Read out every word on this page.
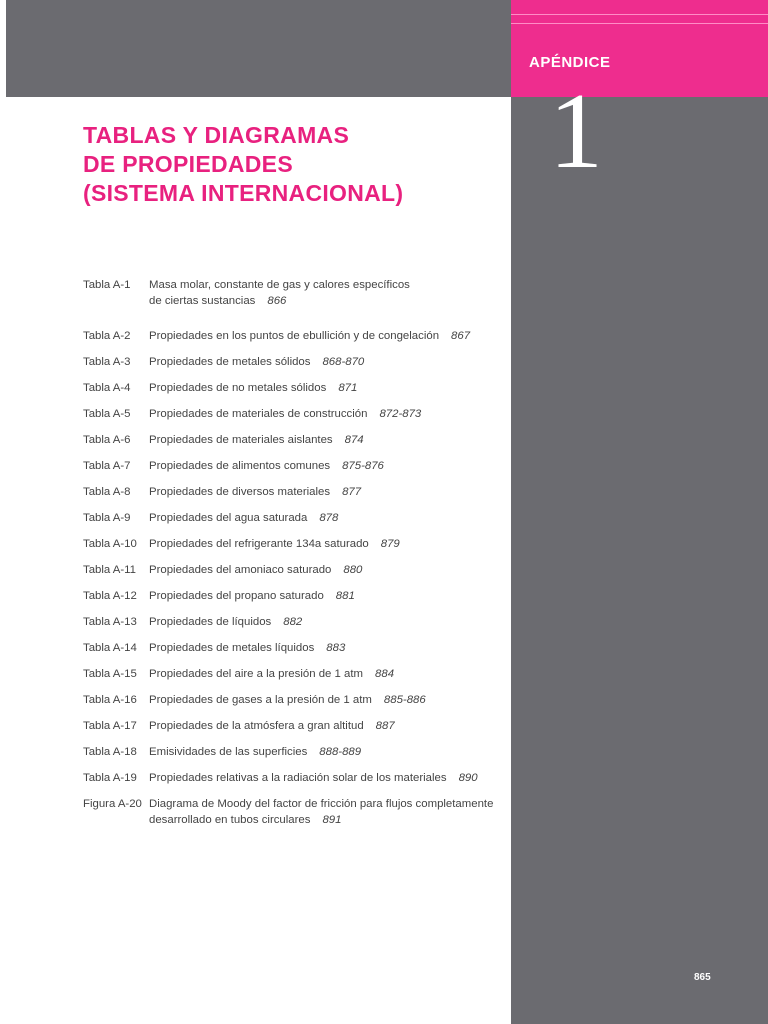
APÉNDICE
1
TABLAS Y DIAGRAMAS
DE PROPIEDADES
(SISTEMA INTERNACIONAL)
Tabla A-1	Masa molar, constante de gas y calores específicos
de ciertas sustancias 866
Tabla A-2	Propiedades en los puntos de ebullición y de congelación 867
Tabla A-3	Propiedades de metales sólidos 868-870
Tabla A-4	Propiedades de no metales sólidos 871
Tabla A-5	Propiedades de materiales de construcción 872-873
Tabla A-6	Propiedades de materiales aislantes 874
Tabla A-7	Propiedades de alimentos comunes 875-876
Tabla A-8	Propiedades de diversos materiales 877
Tabla A-9	Propiedades del agua saturada 878
Tabla A-10	Propiedades del refrigerante 134a saturado 879
Tabla A-11	Propiedades del amoniaco saturado 880
Tabla A-12	Propiedades del propano saturado 881
Tabla A-13	Propiedades de líquidos 882
Tabla A-14	Propiedades de metales líquidos 883
Tabla A-15	Propiedades del aire a la presión de 1 atm 884
Tabla A-16	Propiedades de gases a la presión de 1 atm 885-886
Tabla A-17	Propiedades de la atmósfera a gran altitud 887
Tabla A-18	Emisividades de las superficies 888-889
Tabla A-19	Propiedades relativas a la radiación solar de los materiales 890
Figura A-20 Diagrama de Moody del factor de fricción para flujos completamente
desarrollado en tubos circulares 891
865
